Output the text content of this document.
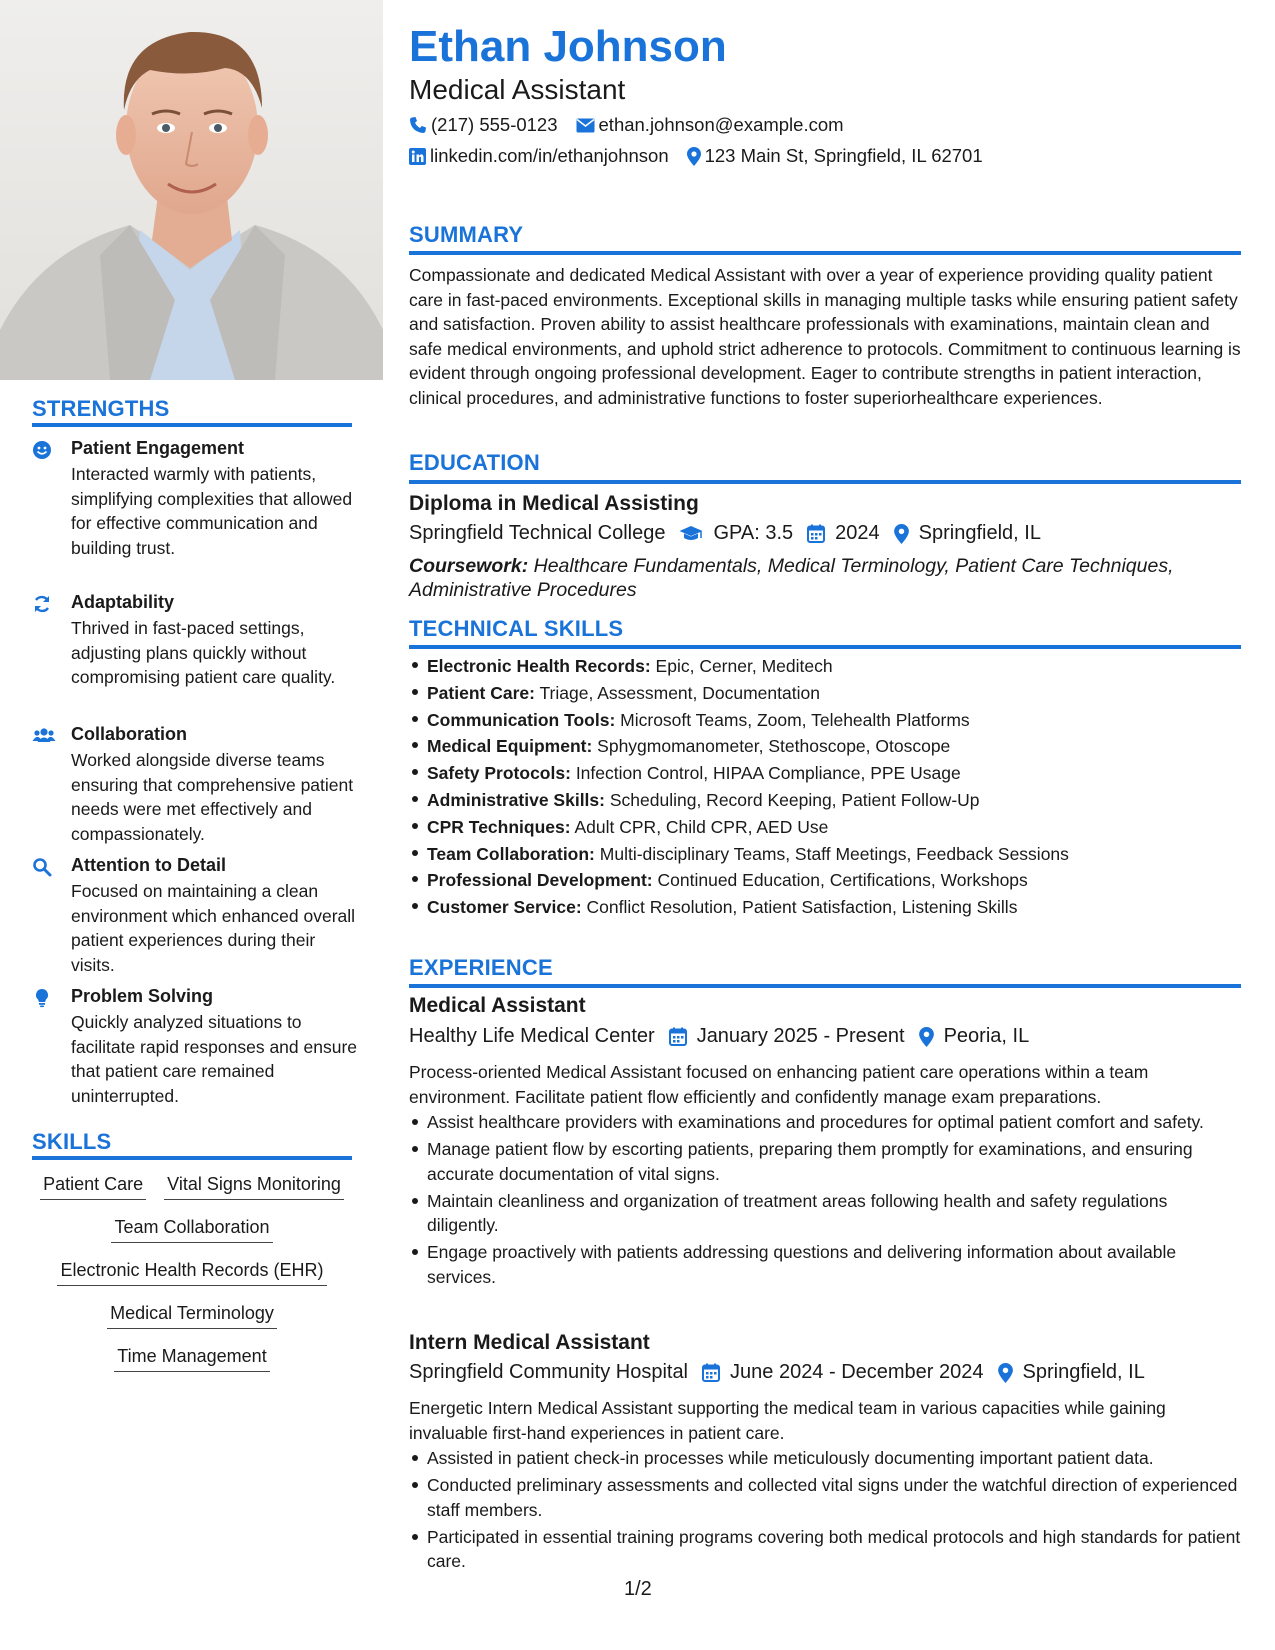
STRENGTHS
Patient Engagement
Interacted warmly with patients, simplifying complexities that allowed for effective communication and building trust.
Adaptability
Thrived in fast-paced settings, adjusting plans quickly without compromising patient care quality.
Collaboration
Worked alongside diverse teams ensuring that comprehensive patient needs were met effectively and compassionately.
Attention to Detail
Focused on maintaining a clean environment which enhanced overall patient experiences during their visits.
Problem Solving
Quickly analyzed situations to facilitate rapid responses and ensure that patient care remained uninterrupted.
SKILLS
Patient Care Vital Signs Monitoring
Team Collaboration
Electronic Health Records (EHR)
Medical Terminology
Time Management
Ethan Johnson
Medical Assistant
(217) 555-0123 ethan.johnson@example.com
linkedin.com/in/ethanjohnson 123 Main St, Springfield, IL 62701
SUMMARY
Compassionate and dedicated Medical Assistant with over a year of experience providing quality patient care in fast-paced environments. Exceptional skills in managing multiple tasks while ensuring patient safety and satisfaction. Proven ability to assist healthcare professionals with examinations, maintain clean and safe medical environments, and uphold strict adherence to protocols. Commitment to continuous learning is evident through ongoing professional development. Eager to contribute strengths in patient interaction, clinical procedures, and administrative functions to foster superiorhealthcare experiences.
EDUCATION
Diploma in Medical Assisting
Springfield Technical College GPA: 3.5 2024 Springfield, IL
Coursework: Healthcare Fundamentals, Medical Terminology, Patient Care Techniques, Administrative Procedures
TECHNICAL SKILLS
Electronic Health Records: Epic, Cerner, Meditech
Patient Care: Triage, Assessment, Documentation
Communication Tools: Microsoft Teams, Zoom, Telehealth Platforms
Medical Equipment: Sphygmomanometer, Stethoscope, Otoscope
Safety Protocols: Infection Control, HIPAA Compliance, PPE Usage
Administrative Skills: Scheduling, Record Keeping, Patient Follow-Up
CPR Techniques: Adult CPR, Child CPR, AED Use
Team Collaboration: Multi-disciplinary Teams, Staff Meetings, Feedback Sessions
Professional Development: Continued Education, Certifications, Workshops
Customer Service: Conflict Resolution, Patient Satisfaction, Listening Skills
EXPERIENCE
Medical Assistant
Healthy Life Medical Center January 2025 - Present Peoria, IL
Process-oriented Medical Assistant focused on enhancing patient care operations within a team environment. Facilitate patient flow efficiently and confidently manage exam preparations.
Assist healthcare providers with examinations and procedures for optimal patient comfort and safety.
Manage patient flow by escorting patients, preparing them promptly for examinations, and ensuring accurate documentation of vital signs.
Maintain cleanliness and organization of treatment areas following health and safety regulations diligently.
Engage proactively with patients addressing questions and delivering information about available services.
Intern Medical Assistant
Springfield Community Hospital June 2024 - December 2024 Springfield, IL
Energetic Intern Medical Assistant supporting the medical team in various capacities while gaining invaluable first-hand experiences in patient care.
Assisted in patient check-in processes while meticulously documenting important patient data.
Conducted preliminary assessments and collected vital signs under the watchful direction of experienced staff members.
Participated in essential training programs covering both medical protocols and high standards for patient care.
1/2
